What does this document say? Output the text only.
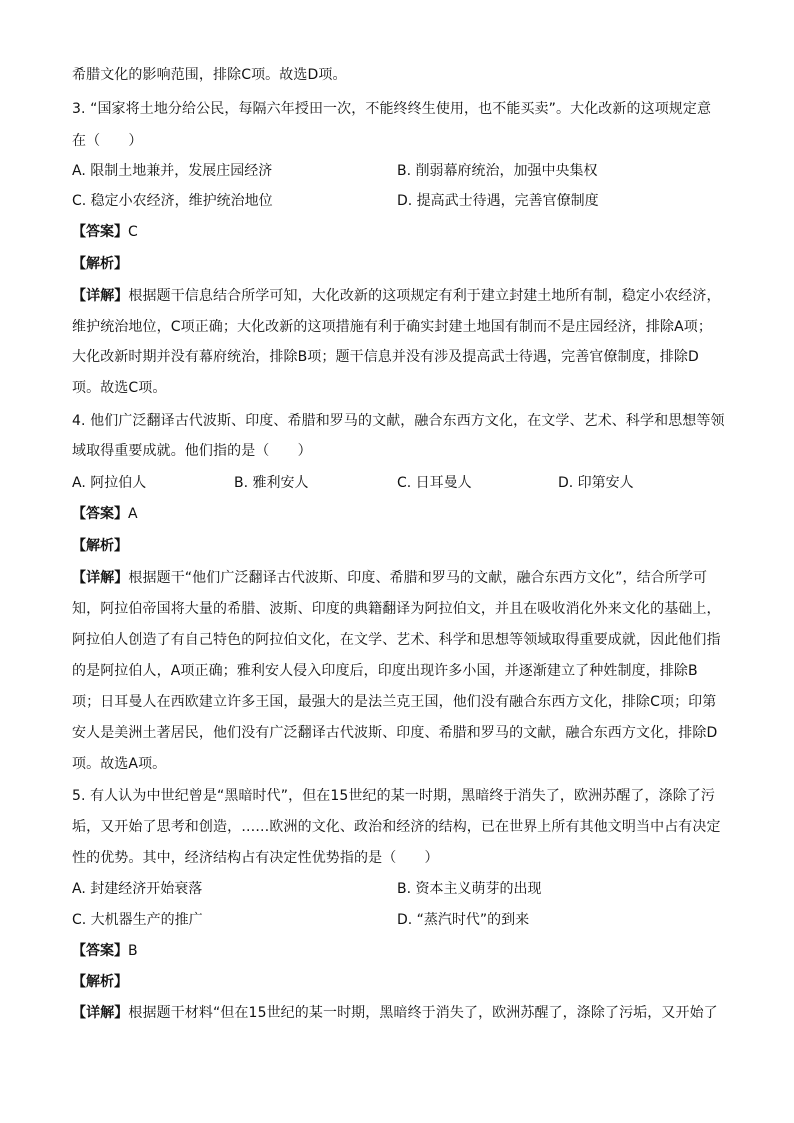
希腊文化的影响范围，排除C项。故选D项。
3. “国家将土地分给公民，每隔六年授田一次，不能终终生使用，也不能买卖”。大化改新的这项规定意
在（　　）
A. 限制土地兼并，发展庄园经济	B. 削弱幕府统治，加强中央集权
C. 稳定小农经济，维护统治地位	D. 提高武士待遇，完善官僚制度
【答案】C
【解析】
【详解】根据题干信息结合所学可知，大化改新的这项规定有利于建立封建土地所有制，稳定小农经济，
维护统治地位，C项正确；大化改新的这项措施有利于确实封建土地国有制而不是庄园经济，排除A项；
大化改新时期并没有幕府统治，排除B项；题干信息并没有涉及提高武士待遇，完善官僚制度，排除D
项。故选C项。
4. 他们广泛翻译古代波斯、印度、希腊和罗马的文献，融合东西方文化，在文学、艺术、科学和思想等领
域取得重要成就。他们指的是（　　）
A. 阿拉伯人	B. 雅利安人	C. 日耳曼人	D. 印第安人
【答案】A
【解析】
【详解】根据题干“他们广泛翻译古代波斯、印度、希腊和罗马的文献，融合东西方文化”，结合所学可
知，阿拉伯帝国将大量的希腊、波斯、印度的典籍翻译为阿拉伯文，并且在吸收消化外来文化的基础上，
阿拉伯人创造了有自己特色的阿拉伯文化，在文学、艺术、科学和思想等领域取得重要成就，因此他们指
的是阿拉伯人，A项正确；雅利安人侵入印度后，印度出现许多小国，并逐渐建立了种姓制度，排除B
项；日耳曼人在西欧建立许多王国，最强大的是法兰克王国，他们没有融合东西方文化，排除C项；印第
安人是美洲土著居民，他们没有广泛翻译古代波斯、印度、希腊和罗马的文献，融合东西方文化，排除D
项。故选A项。
5. 有人认为中世纪曾是“黑暗时代”，但在15世纪的某一时期，黑暗终于消失了，欧洲苏醒了，涤除了污
垢，又开始了思考和创造，……欧洲的文化、政治和经济的结构，已在世界上所有其他文明当中占有决定
性的优势。其中，经济结构占有决定性优势指的是（　　）
A. 封建经济开始衰落	B. 资本主义萌芽的出现
C. 大机器生产的推广	D. “蒸汽时代”的到来
【答案】B
【解析】
【详解】根据题干材料“但在15世纪的某一时期，黑暗终于消失了，欧洲苏醒了，涤除了污垢，又开始了
